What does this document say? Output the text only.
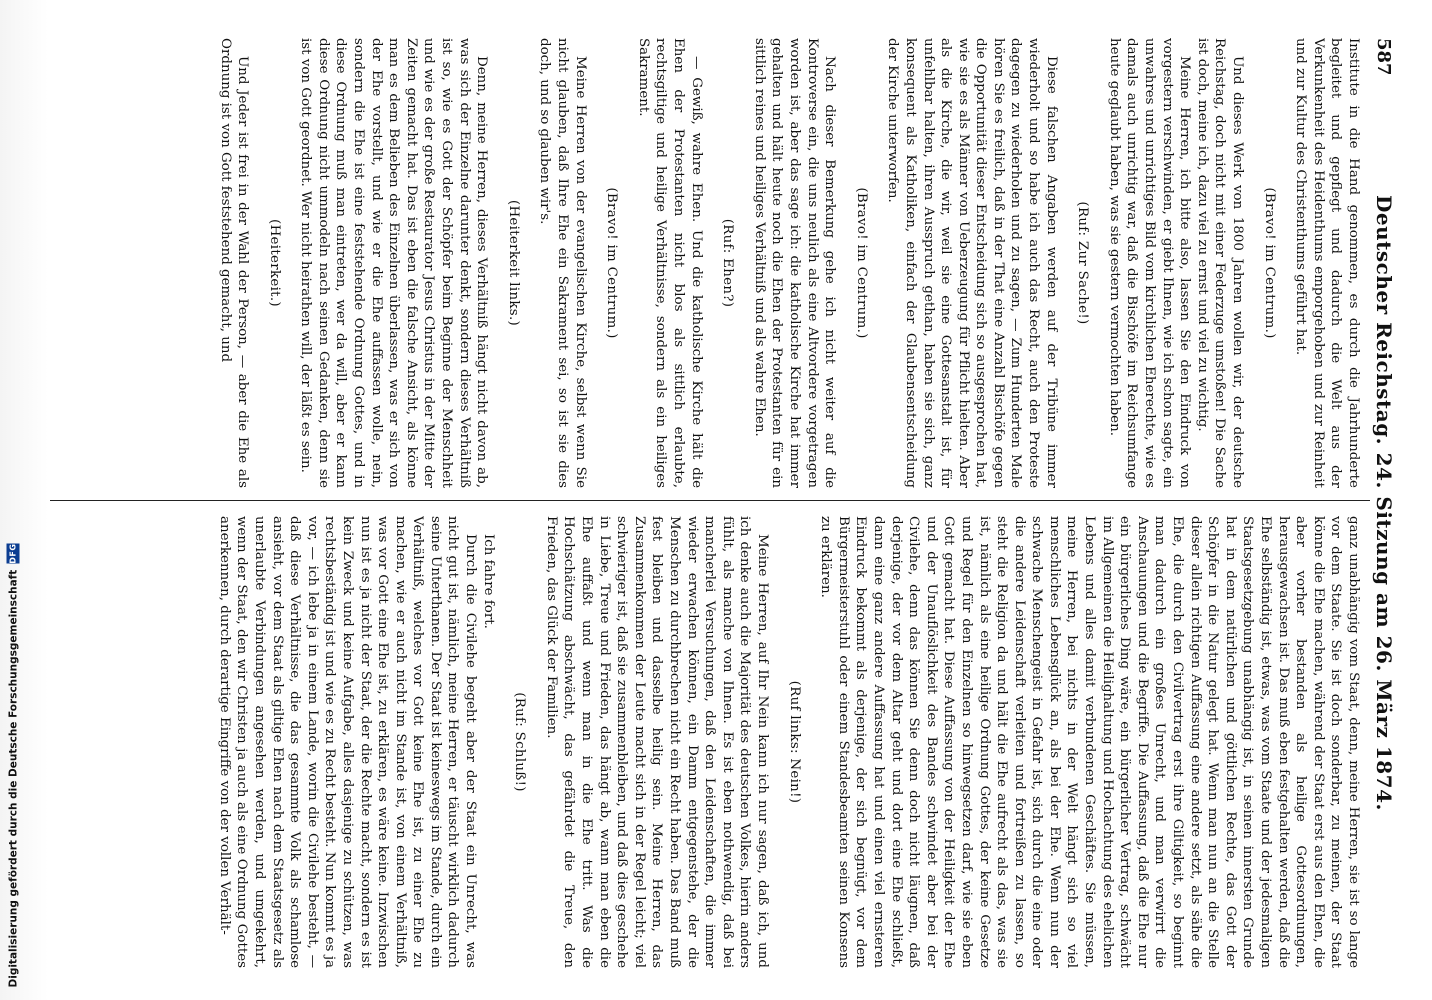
587
Deutscher Reichstag. 24. Sitzung am 26. März 1874.

Institute in die Hand genommen, es durch die Jahrhunderte begleitet und gepflegt und dadurch die Welt aus der Verkunkenheit des Heidenthums emporgehoben und zur Reinheit und zur Kultur des Christenthums geführt hat.

(Bravo! im Centrum.)

Und dieses Werk von 1800 Jahren wollen wir, der deutsche Reichstag, doch nicht mit einer Federzuge umstoßen! Die Sache ist doch, meine ich, dazu viel zu ernst und viel zu wichtig.

Meine Herren, ich bitte also, lassen Sie den Eindruck von vorgestern verschwinden, er giebt Ihnen, wie ich schon sagte, ein unwahres und unrichtiges Bild vom kirchlichen Eherechte, wie es damals auch unrichtig war, daß die Bischöfe im Reichsumfange heute geglaubt haben, was sie gestern vermochten haben.

(Ruf: Zur Sache!)

Diese falschen Angaben werden auf der Tribüne immer wiederholt und so habe ich auch das Recht, auch den Proteste dagegen zu wiederholen und zu sagen, — Zum Hunderten Male hören Sie es freilich, daß in der That eine Anzahl Bischöfe gegen die Opportunität dieser Entscheidung sich so ausgesprochen hat, wie sie es als Männer von Ueberzeugung für Pflicht hielten. Aber als die Kirche, die wir, weil sie eine Gottesanstalt ist, für unfehlbar halten, ihren Ausspruch gethan, haben sie sich, ganz konsequent als Katholiken, einfach der Glaubensentscheidung der Kirche unterworfen.

(Bravo! im Centrum.)

Nach dieser Bemerkung gehe ich nicht weiter auf die Kontroverse ein, die uns neulich als eine Altvordere vorgetragen worden ist, aber das sage ich: die katholische Kirche hat immer gehalten und hält heute noch die Ehen der Protestanten für ein sittlich reines und heiliges Verhältniß und als wahre Ehen.

(Ruf: Ehen?)

— Gewiß, wahre Ehen. Und die katholische Kirche hält die Ehen der Protestanten nicht blos als sittlich erlaubte, rechtsgiltige und heilige Verhältnisse, sondern als ein heiliges Sakrament.

(Bravo! im Centrum.)

Meine Herren von der evangelischen Kirche, selbst wenn Sie nicht glauben, daß Ihre Ehe ein Sakrament sei, so ist sie dies doch, und so glauben wir's.

(Heiterkeit links.)

Denn, meine Herren, dieses Verhältniß hängt nicht davon ab, was sich der Einzelne darunter denkt, sondern dieses Verhältniß ist so, wie es Gott der Schöpfer beim Beginne der Menschheit und wie es der große Restaurator Jesus Christus in der Mitte der Zeiten gemacht hat. Das ist eben die falsche Ansicht, als könne man es dem Belieben des Einzelnen überlassen, was er sich von der Ehe vorstellt, und wie er die Ehe auffassen wolle, nein, sondern die Ehe ist eine feststehende Ordnung Gottes, und in diese Ordnung muß man eintreten, wer da will, aber er kann diese Ordnung nicht ummodeln nach seinen Gedanken, denn sie ist von Gott geordnet. Wer nicht heirathen will, der läßt es sein.

(Heiterkeit.)

Und Jeder ist frei in der Wahl der Person, — aber die Ehe als Ordnung ist von Gott feststehend gemacht, und

ganz unabhängig vom Staat, denn, meine Herren, sie ist so lange vor dem Staate. Sie ist doch sonderbar, zu meinen, der Staat könne die Ehe machen, während der Staat erst aus den Ehen, die aber vorher bestanden als heilige Gottesordnungen, herausgewachsen ist. Das muß eben festgehalten werden, daß die Ehe selbständig ist, etwas, was vom Staate und der jedesmaligen Staatsgesetzgebung unabhängig ist, in seinen innersten Grunde hat in dem natürlichen und göttlichen Rechte, das Gott der Schöpfer in die Natur gelegt hat. Wenn man nun an die Stelle dieser allein richtigen Auffassung eine andere setzt, als sähe die Ehe, die durch den Civilvertrag erst ihre Giltigkeit, so beginnt man dadurch ein großes Unrecht, und man verwirrt die Anschauungen und die Begriffe. Die Auffassung, daß die Ehe nur ein bürgerliches Ding wäre, ein bürgerlicher Vertrag, schwächt im Allgemeinen die Heilighaltung und Hochachtung des ehelichen Lebens und alles damit verbundenen Geschäftes. Sie müssen, meine Herren, bei nichts in der Welt hängt sich so viel menschliches Lebensglück an, als bei der Ehe. Wenn nun der schwache Menschengeist in Gefahr ist, sich durch die eine oder die andere Leidenschaft verleiten und fortreißen zu lassen, so steht die Religion da und hält die Ehe aufrecht als das, was sie ist, nämlich als eine heilige Ordnung Gottes, der keine Gesetze und Regel für den Einzelnen so hinwegsetzen darf, wie sie eben Gott gemacht hat. Diese Auffassung von der Heiligkeit der Ehe und der Unauflöslichkeit des Bandes schwindet aber bei der Civilehe, denn das können Sie denn doch nicht läugnen, daß derjenige, der vor dem Altar geht und dort eine Ehe schließt, dann eine ganz andere Auffassung hat und einen viel ernsteren Eindruck bekommt als derjenige, der sich begnügt, vor dem Bürgermeisterstuhl oder einem Standesbeamten seinen Konsens zu erklären.

(Ruf links: Nein!)

Meine Herren, auf Ihr Nein kann ich nur sagen, daß ich, und ich denke auch die Majorität des deutschen Volkes, hierin anders fühlt, als manche von Ihnen. Es ist eben nothwendig, daß bei mancherlei Versuchungen, daß den Leidenschaften, die immer wieder erwachen können, ein Damm entgegenstehe, der die Menschen zu durchbrechen nicht ein Recht haben. Das Band muß fest bleiben und dasselbe heilig sein. Meine Herren, das Zusammenkommen der Leute macht sich in der Regel leicht; viel schwieriger ist, daß sie zusammenbleiben, und daß dies geschehe in Liebe, Treue und Frieden, das hängt ab, wann man eben die Ehe auffaßt und wenn man in die Ehe tritt. Was die Hochschätzung abschwächt, das gefährdet die Treue, den Frieden, das Glück der Familien.

(Ruf: Schluß!)

Ich fahre fort.

Durch die Civilehe begeht aber der Staat ein Unrecht, was nicht gut ist, nämlich, meine Herren, er täuscht wirklich dadurch seine Unterthanen. Der Staat ist keineswegs im Stande, durch ein Verhältniß, welches vor Gott keine Ehe ist, zu einer Ehe zu machen, wie er auch nicht im Stande ist, von einem Verhältniß, was vor Gott eine Ehe ist, zu erklären, es wäre keine. Inzwischen nun ist es ja nicht der Staat, der die Rechte macht, sondern es ist kein Zweck und keine Aufgabe, alles dasjenige zu schützen, was rechtsbeständig ist und wie es zu Recht besteht. Nun kommt es ja vor, — ich lebe ja in einem Lande, worin die Civilehe besteht, — daß diese Verhältnisse, die das gesammte Volk als schamlose ansieht, vor dem Staat als giltige Ehen nach dem Staatsgesetz als unerlaubte Verbindungen angesehen werden, und umgekehrt, wenn der Staat, den wir Christen ja auch als eine Ordnung Gottes anerkennen, durch derartige Eingriffe von der vollen Verhält-

Digitalisierung gefördert durch die Deutsche Forschungsgemeinschaft
DFG
